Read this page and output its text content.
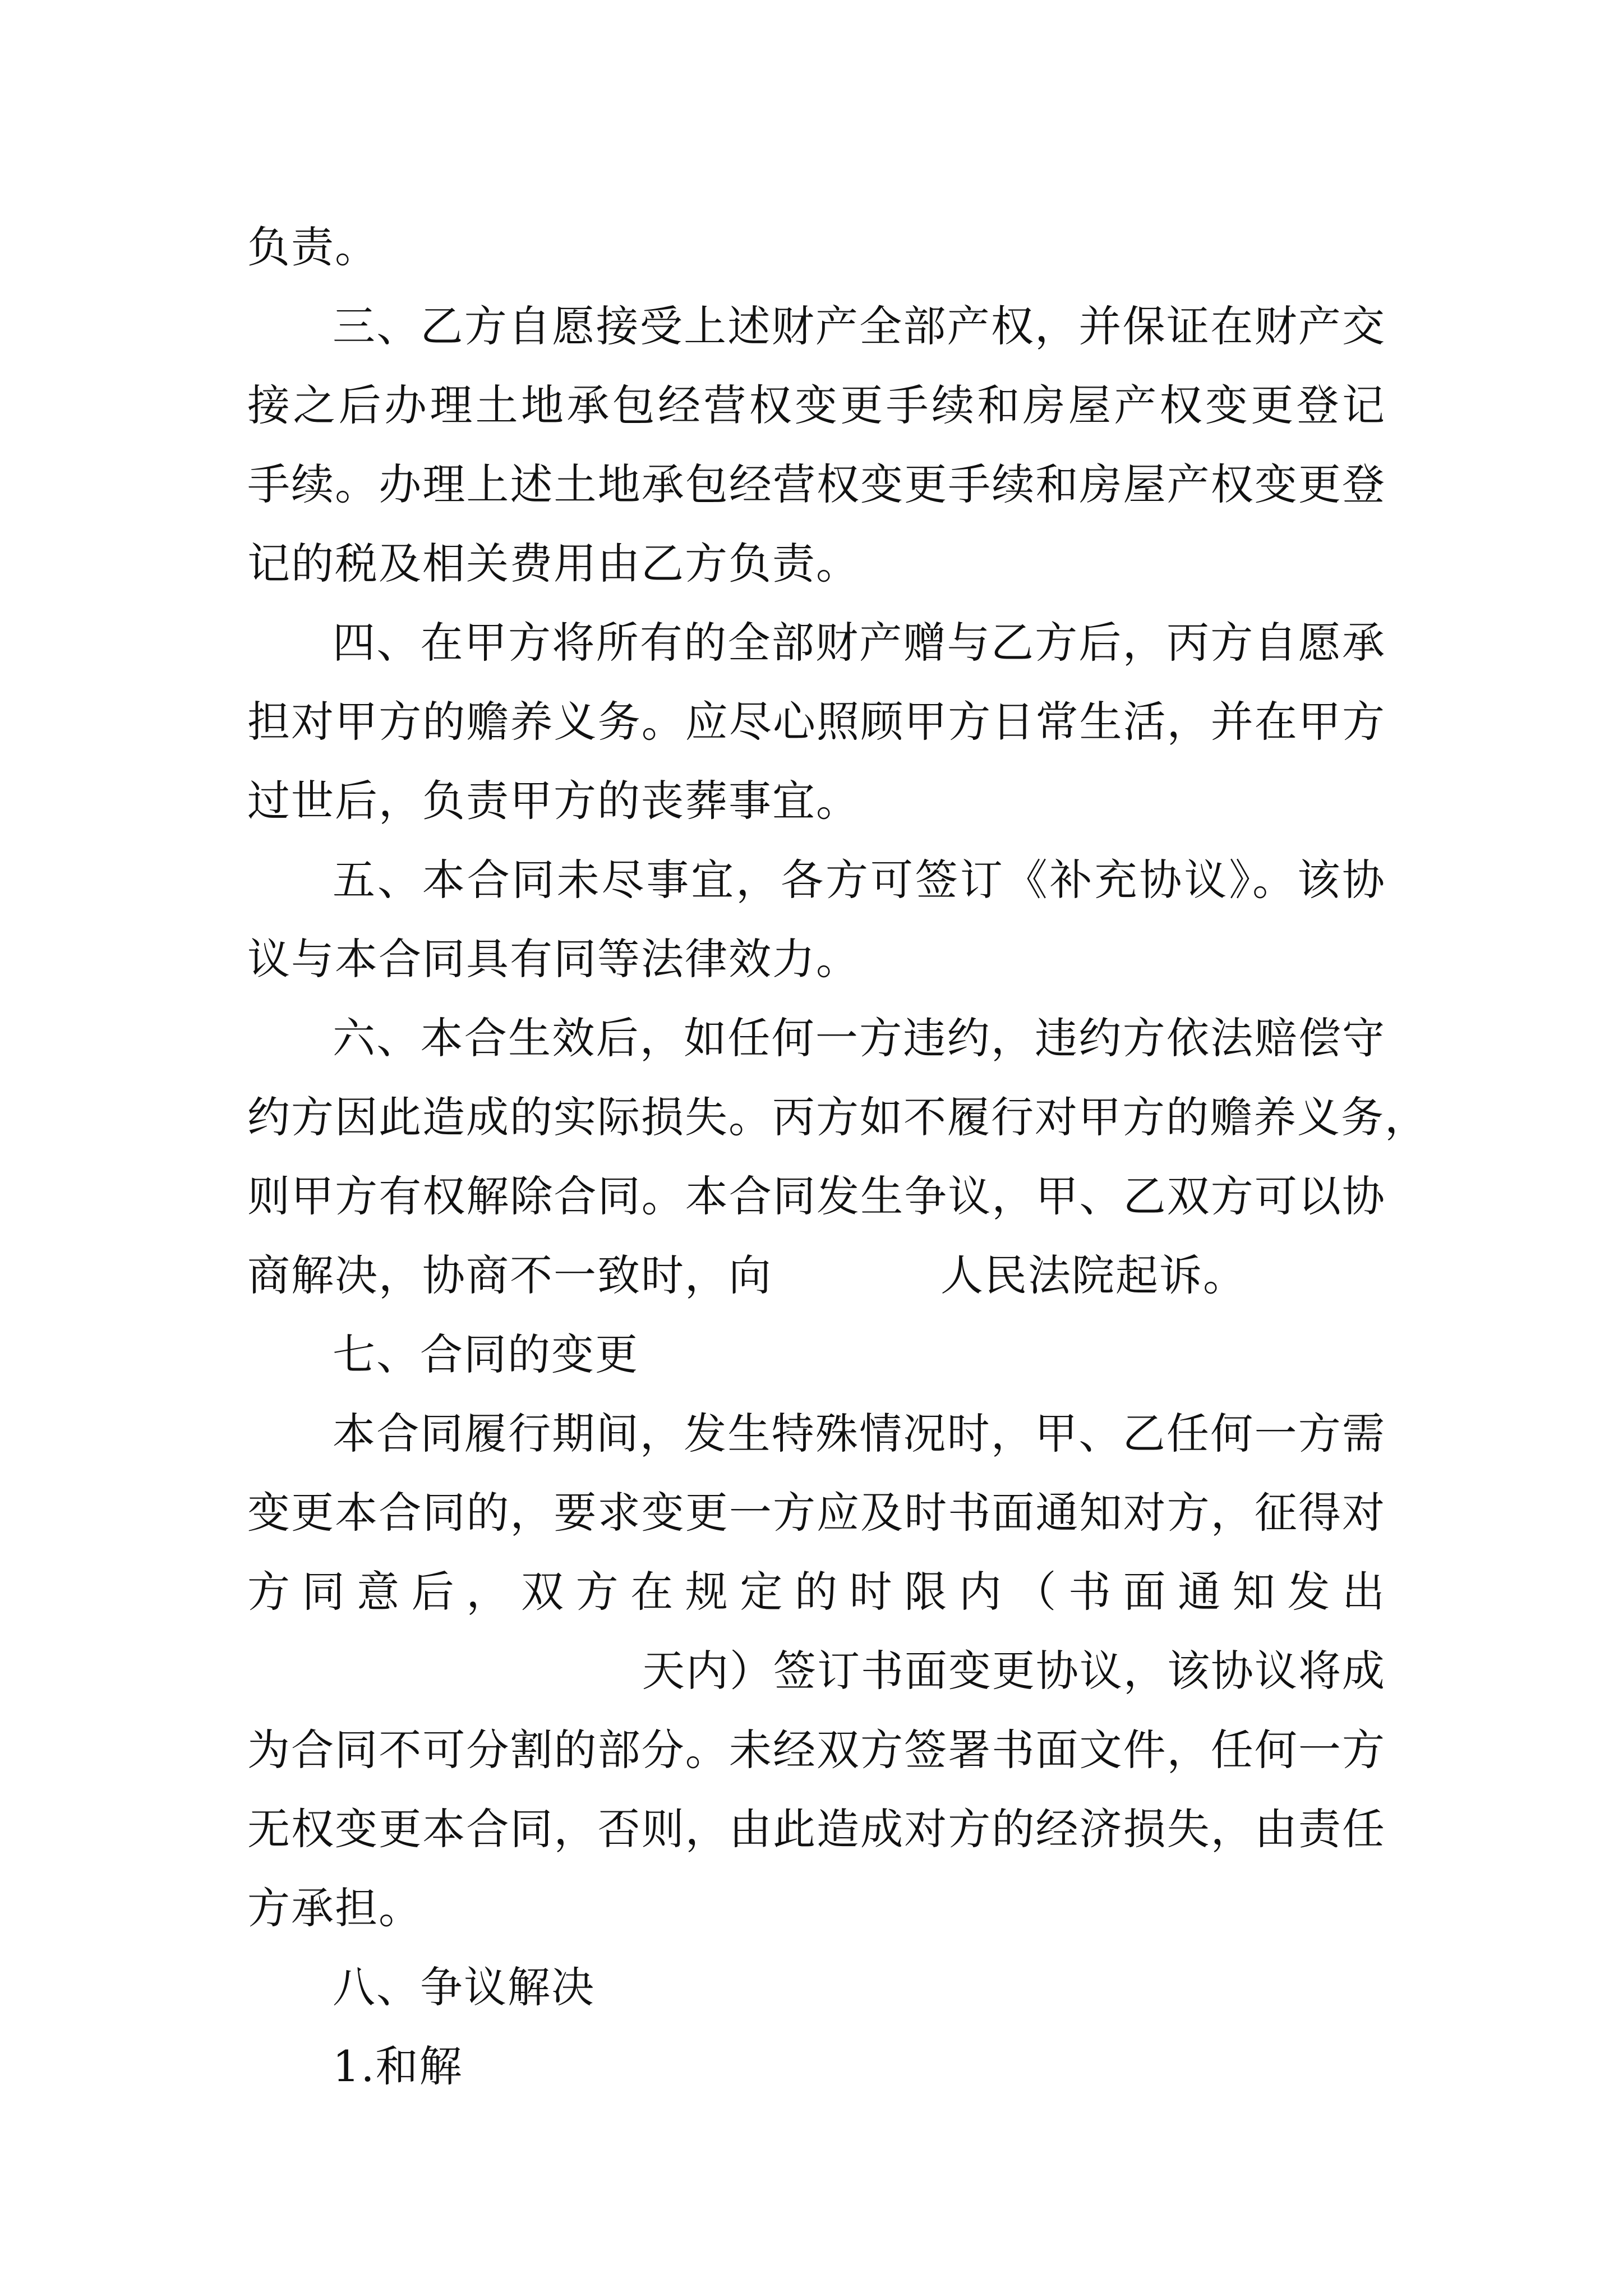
负责。
三、乙方自愿接受上述财产全部产权，并保证在财产交
接之后办理土地承包经营权变更手续和房屋产权变更登记
手续。办理上述土地承包经营权变更手续和房屋产权变更登
记的税及相关费用由乙方负责。
四、在甲方将所有的全部财产赠与乙方后，丙方自愿承
担对甲方的赡养义务。应尽心照顾甲方日常生活，并在甲方
过世后，负责甲方的丧葬事宜。
五、本合同未尽事宜，各方可签订《补充协议》。该协
议与本合同具有同等法律效力。
六、本合生效后，如任何一方违约，违约方依法赔偿守
约方因此造成的实际损失。丙方如不履行对甲方的赡养义务，
则甲方有权解除合同。本合同发生争议，甲、乙双方可以协
商解决，协商不一致时，向	人民法院起诉。
七、合同的变更
本合同履行期间，发生特殊情况时，甲、乙任何一方需
变更本合同的，要求变更一方应及时书面通知对方，征得对
方同意后，双方在规定的时限内（书面通知发出
天内）签订书面变更协议，该协议将成
为合同不可分割的部分。未经双方签署书面文件，任何一方
无权变更本合同，否则，由此造成对方的经济损失，由责任
方承担。
八、争议解决
1.和解
